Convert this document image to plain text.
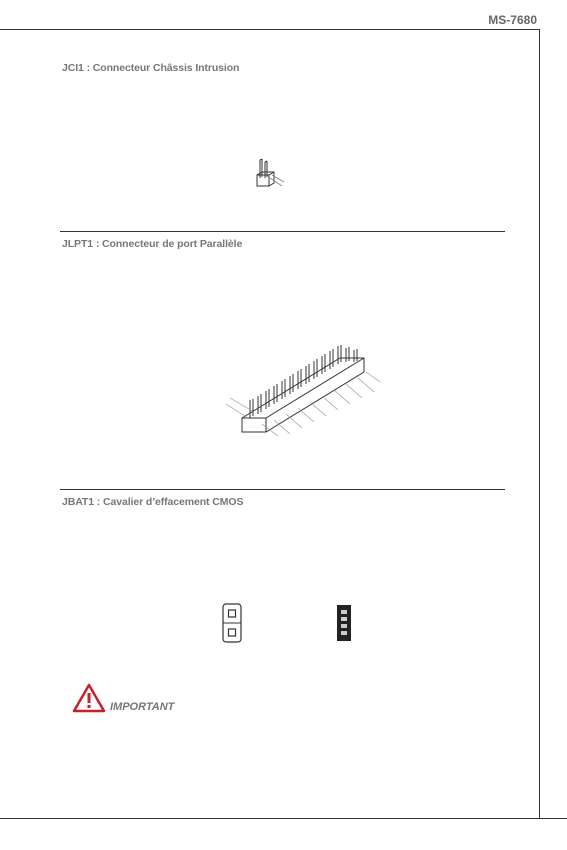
MS-7680
JCI1 : Connecteur Châssis Intrusion
JLPT1 : Connecteur de port Parallèle
JBAT1 : Cavalier d’effacement CMOS
IMPORTANT
